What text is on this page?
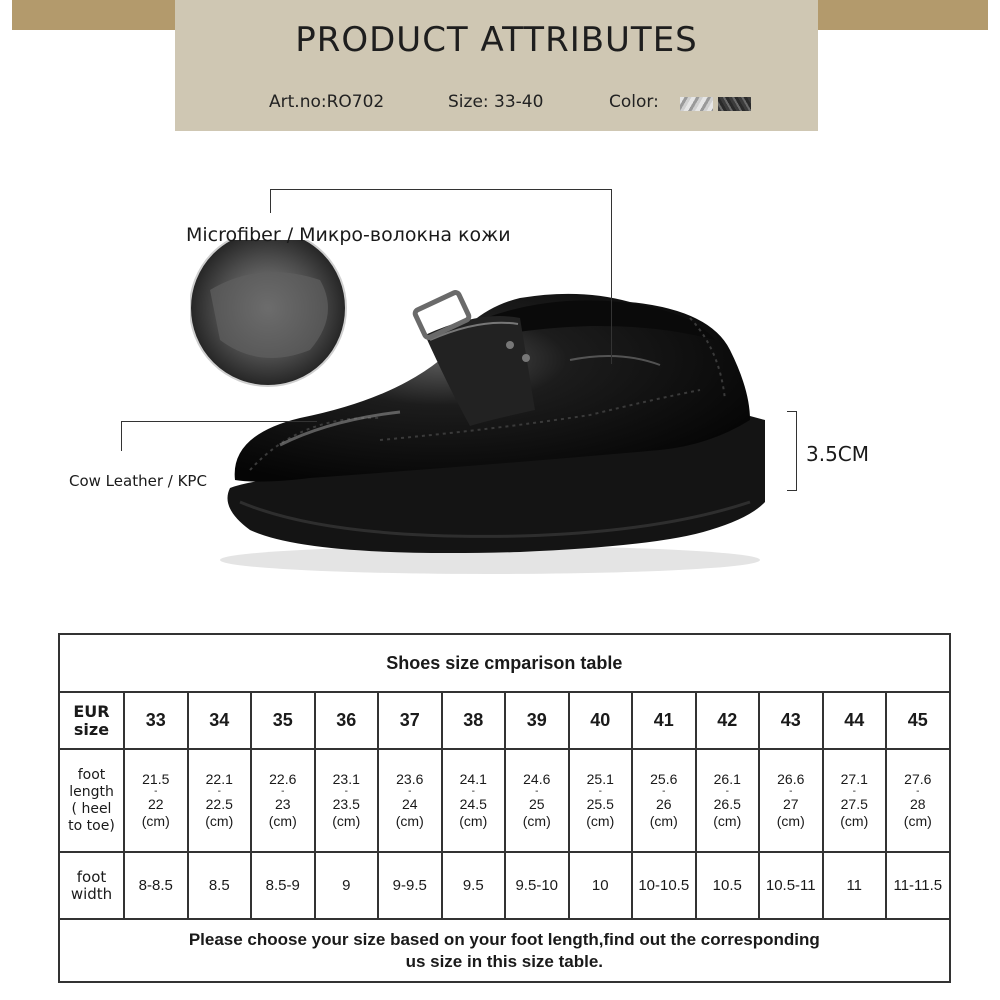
PRODUCT ATTRIBUTES
Art.no:RO702	Size: 33-40	Color:
Microfiber / Микро-волокна кожи
Cow Leather / KPC
3.5CM
Shoes size cmparison table													

EUR
size	33	34	35	36	37	38	39	40	41	42	43	44	45

foot
length
( heel
to toe)	21.5
-
22
(cm)	22.1
-
22.5
(cm)	22.6
-
23
(cm)	23.1
-
23.5
(cm)	23.6
-
24
(cm)	24.1
-
24.5
(cm)	24.6
-
25
(cm)	25.1
-
25.5
(cm)	25.6
-
26
(cm)	26.1
-
26.5
(cm)	26.6
-
27
(cm)	27.1
-
27.5
(cm)	27.6
-
28
(cm)

foot
width	8-8.5	8.5	8.5-9	9	9-9.5	9.5	9.5-10	10	10-10.5	10.5	10.5-11	11	11-11.5
Please choose your size based on your foot length,find out the corresponding
us size in this size table.													
